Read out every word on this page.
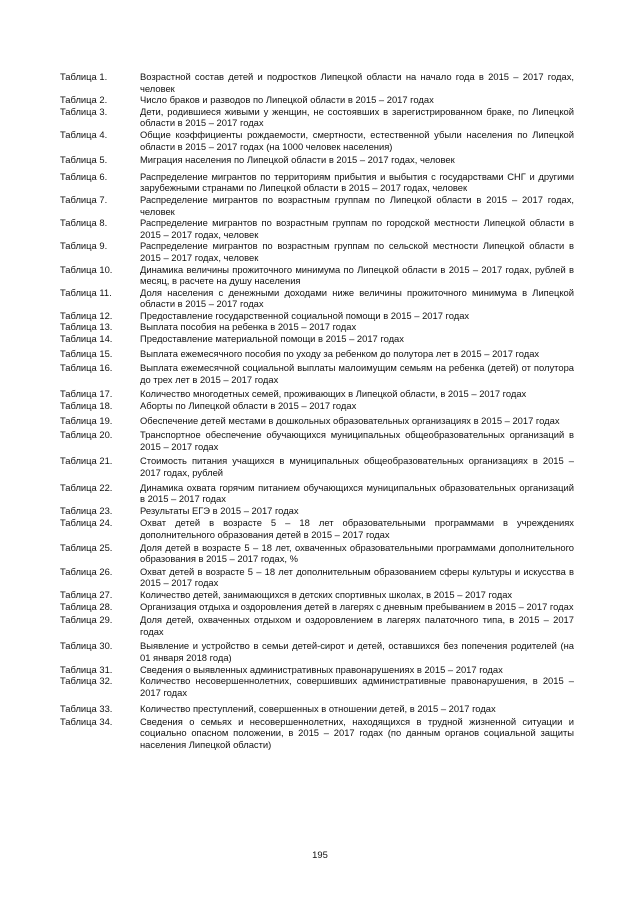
Таблица 1.	Возрастной состав детей и подростков Липецкой области на начало года в 2015 – 2017 годах, человек
Таблица 2.	Число браков и разводов по Липецкой области в 2015 – 2017 годах
Таблица 3.	Дети, родившиеся живыми у женщин, не состоявших в зарегистрированном браке, по Липецкой области в 2015 – 2017 годах
Таблица 4.	Общие коэффициенты рождаемости, смертности, естественной убыли населения по Липецкой области в 2015 – 2017 годах (на 1000 человек населения)
Таблица 5.	Миграция населения по Липецкой области в 2015 – 2017 годах, человек
Таблица 6.	Распределение мигрантов по территориям прибытия и выбытия с государствами СНГ и другими зарубежными странами по Липецкой области в 2015 – 2017 годах, человек
Таблица 7.	Распределение мигрантов по возрастным группам по Липецкой области в 2015 – 2017 годах, человек
Таблица 8.	Распределение мигрантов по возрастным группам по городской местности Липецкой области в 2015 – 2017 годах, человек
Таблица 9.	Распределение мигрантов по возрастным группам по сельской местности Липецкой области в 2015 – 2017 годах, человек
Таблица 10.	Динамика величины прожиточного минимума по Липецкой области в 2015 – 2017 годах, рублей в месяц, в расчете на душу населения
Таблица 11.	Доля населения с денежными доходами ниже величины прожиточного минимума в Липецкой области в 2015 – 2017 годах
Таблица 12.	Предоставление государственной социальной помощи в 2015 – 2017 годах
Таблица 13.	Выплата пособия на ребенка в 2015 – 2017 годах
Таблица 14.	Предоставление материальной помощи в 2015 – 2017 годах
Таблица 15.	Выплата ежемесячного пособия по уходу за ребенком до полутора лет в 2015 – 2017 годах
Таблица 16.	Выплата ежемесячной социальной выплаты малоимущим семьям на ребенка (детей) от полутора до трех лет в 2015 – 2017 годах
Таблица 17.	Количество многодетных семей, проживающих в Липецкой области, в 2015 – 2017 годах
Таблица 18.	Аборты по Липецкой области в 2015 – 2017 годах
Таблица 19.	Обеспечение детей местами в дошкольных образовательных организациях в 2015 – 2017 годах
Таблица 20.	Транспортное обеспечение обучающихся муниципальных общеобразовательных организаций в 2015 – 2017 годах
Таблица 21.	Стоимость питания учащихся в муниципальных общеобразовательных организациях в 2015 – 2017 годах, рублей
Таблица 22.	Динамика охвата горячим питанием обучающихся муниципальных образовательных организаций в 2015 – 2017 годах
Таблица 23.	Результаты ЕГЭ в 2015 – 2017 годах
Таблица 24.	Охват детей в возрасте 5 – 18 лет образовательными программами в учреждениях дополнительного образования детей в 2015 – 2017 годах
Таблица 25.	Доля детей в возрасте 5 – 18 лет, охваченных образовательными программами дополнительного образования в 2015 – 2017 годах, %
Таблица 26.	Охват детей в возрасте 5 – 18 лет дополнительным образованием сферы культуры и искусства в 2015 – 2017 годах
Таблица 27.	Количество детей, занимающихся в детских спортивных школах, в 2015 – 2017 годах
Таблица 28.	Организация отдыха и оздоровления детей в лагерях с дневным пребыванием в 2015 – 2017 годах
Таблица 29.	Доля детей, охваченных отдыхом и оздоровлением в лагерях палаточного типа, в 2015 – 2017 годах
Таблица 30.	Выявление и устройство в семьи детей-сирот и детей, оставшихся без попечения родителей (на 01 января 2018 года)
Таблица 31.	Сведения о выявленных административных правонарушениях в 2015 – 2017 годах
Таблица 32.	Количество несовершеннолетних, совершивших административные правонарушения, в 2015 – 2017 годах
Таблица 33.	Количество преступлений, совершенных в отношении детей, в 2015 – 2017 годах
Таблица 34.	Сведения о семьях и несовершеннолетних, находящихся в трудной жизненной ситуации и социально опасном положении, в 2015 – 2017 годах (по данным органов социальной защиты населения Липецкой области)
195
